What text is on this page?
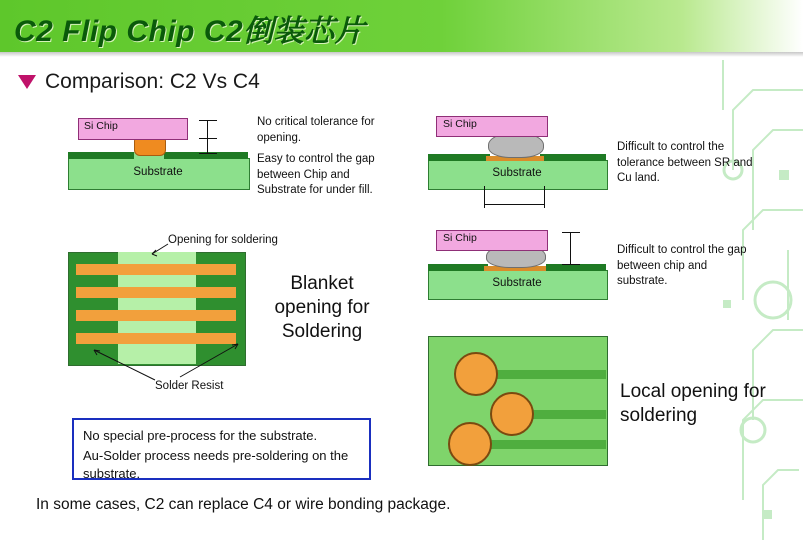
C2 Flip Chip C2倒装芯片
Comparison: C2 Vs C4
Si Chip
Substrate
No critical tolerance for opening.
Easy to control the gap between Chip and Substrate for under fill.
Si Chip
Substrate
Difficult to control the tolerance between SR and Cu land.
Si Chip
Substrate
Difficult to control the gap between chip and substrate.
Opening for soldering
Solder Resist
Blanket opening for Soldering
Local opening for soldering
No special pre-process for the substrate.
Au-Solder process needs pre-soldering on the substrate.
In some cases, C2 can replace C4 or wire bonding package.
